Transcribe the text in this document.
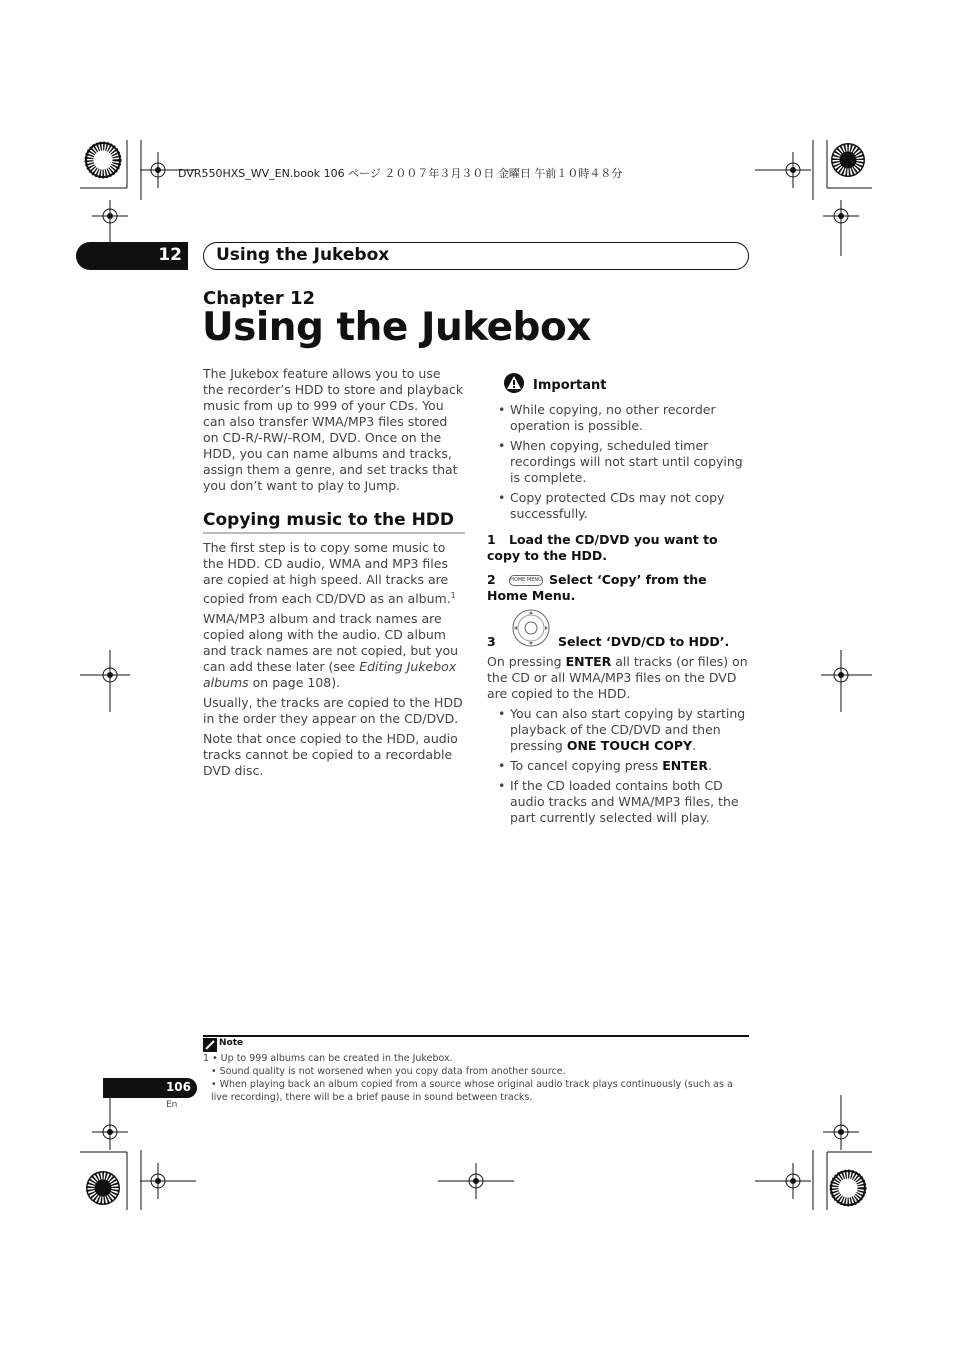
DVR550HXS_WV_EN.book 106 ページ ２００７年３月３０日 金曜日 午前１０時４８分
12 Using the Jukebox
Chapter 12
Using the Jukebox

The Jukebox feature allows you to use the recorder’s HDD to store and playback music from up to 999 of your CDs. You can also transfer WMA/MP3 files stored on CD-R/-RW/-ROM, DVD. Once on the HDD, you can name albums and tracks, assign them a genre, and set tracks that you don’t want to play to Jump.

Copying music to the HDD

The first step is to copy some music to the HDD. CD audio, WMA and MP3 files are copied at high speed. All tracks are copied from each CD/DVD as an album.$^1$

WMA/MP3 album and track names are copied along with the audio. CD album and track names are not copied, but you can add these later (see Editing Jukebox albums on page 108).

Usually, the tracks are copied to the HDD in the order they appear on the CD/DVD.

Note that once copied to the HDD, audio tracks cannot be copied to a recordable DVD disc.

Important
• While copying, no other recorder operation is possible.
• When copying, scheduled timer recordings will not start until copying is complete.
• Copy protected CDs may not copy successfully.

1 Load the CD/DVD you want to copy to the HDD.

2	HOME MENU Select ‘Copy’ from the Home Menu.

3	Select ‘DVD/CD to HDD’.

On pressing ENTER all tracks (or files) on the CD or all WMA/MP3 files on the DVD are copied to the HDD.

• You can also start copying by starting playback of the CD/DVD and then pressing ONE TOUCH COPY.
• To cancel copying press ENTER.
• If the CD loaded contains both CD audio tracks and WMA/MP3 files, the part currently selected will play.
Note
1 • Up to 999 albums can be created in the Jukebox.
• Sound quality is not worsened when you copy data from another source.
• When playing back an album copied from a source whose original audio track plays continuously (such as a live recording), there will be a brief pause in sound between tracks.
106
En
